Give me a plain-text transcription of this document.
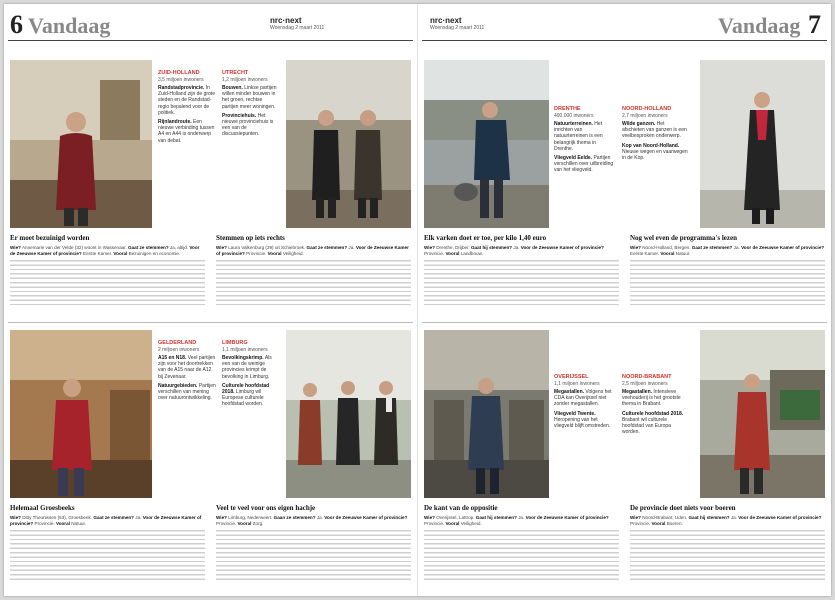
6 Vandaag	nrc·next
Woensdag 2 maart 2011
ZUID-HOLLAND
3,5 miljoen inwoners
Randstadprovincie. In Zuid-Holland zijn de grote steden en de Randstad-regio bepalend voor de politiek.
Rijnlandroute. Een nieuwe verbinding tussen A4 en A44 is onderwerp van debat.
UTRECHT
1,2 miljoen inwoners
Bouwen. Linkse partijen willen minder bouwen in het groen, rechtse partijen meer woningen.
Provinciehuis. Het nieuwe provinciehuis is een van de discussiepunten.
Er moet bezuinigd worden
Wie? Annemarie van der Velde (32) woont in Wassenaar. Gaat ze stemmen? Ja, altijd. Voor de Zeeuwse Kamer of provincie? Eerste Kamer. Vooral Bezuinigen en economie.
Stemmen op iets rechts
Wie? Laura Valkenburg (29) uit Schiebroek. Gaat ze stemmen? Ja. Voor de Zeeuwse Kamer of provincie? Provincie. Vooral Veiligheid.
GELDERLAND
2 miljoen inwoners
A15 en N18. Veel partijen zijn voor het doortrekken van de A15 naar de A12 bij Zevenaar.
Natuurgebieden. Partijen verschillen van mening over natuurontwikkeling.
LIMBURG
1,1 miljoen inwoners
Bevolkingskrimp. Als een van de weinige provincies krimpt de bevolking in Limburg.
Culturele hoofdstad 2018. Limburg wil Europese culturele hoofdstad worden.
Helemaal Groesbeeks
Wie? Ditty Theunissen (53), Groesbeek. Gaat ze stemmen? Ja. Voor de Zeeuwse Kamer of provincie? Provincie. Vooral Natuur.
Veel te veel voor ons eigen hachje
Wie? Limburg, Nederweert. Gaan ze stemmen? Ja. Voor de Zeeuwse Kamer of provincie? Provincie. Vooral Zorg.
nrc·next
Woensdag 2 maart 2011	Vandaag 7
DRENTHE
490.000 inwoners
Natuurterreinen. Het inrichten van natuurterreinen is een belangrijk thema in Drenthe.
Vliegveld Eelde. Partijen verschillen over uitbreiding van het vliegveld.
NOORD-HOLLAND
2,7 miljoen inwoners
Wilde ganzen. Het afschieten van ganzen is een veelbesproken onderwerp.
Kop van Noord-Holland. Nieuwe wegen en vaarwegen in de Kop.
Elk varken doet er toe, per kilo 1,40 euro
Wie? Drenthe, Drijber. Gaat hij stemmen? Ja. Voor de Zeeuwse Kamer of provincie? Provincie. Vooral Landbouw.
Nog wel even de programma's lezen
Wie? Noord-Holland, Bergen. Gaat ze stemmen? Ja. Voor de Zeeuwse Kamer of provincie? Eerste Kamer. Vooral Natuur.
OVERIJSSEL
1,1 miljoen inwoners
Megastallen. Volgens het CDA kan Overijssel niet zonder megastallen.
Vliegveld Twente. Heropening van het vliegveld blijft omstreden.
NOORD-BRABANT
2,5 miljoen inwoners
Megastallen. Intensieve veehouderij is het grootste thema in Brabant.
Culturele hoofdstad 2018. Brabant wil culturele hoofdstad van Europa worden.
De kant van de oppositie
Wie? Overijssel, Lattrop. Gaat hij stemmen? Ja. Voor de Zeeuwse Kamer of provincie? Provincie. Vooral Veiligheid.
De provincie doet niets voor boeren
Wie? Noord-Brabant, Uden. Gaat hij stemmen? Ja. Voor de Zeeuwse Kamer of provincie? Provincie. Vooral Boeren.
